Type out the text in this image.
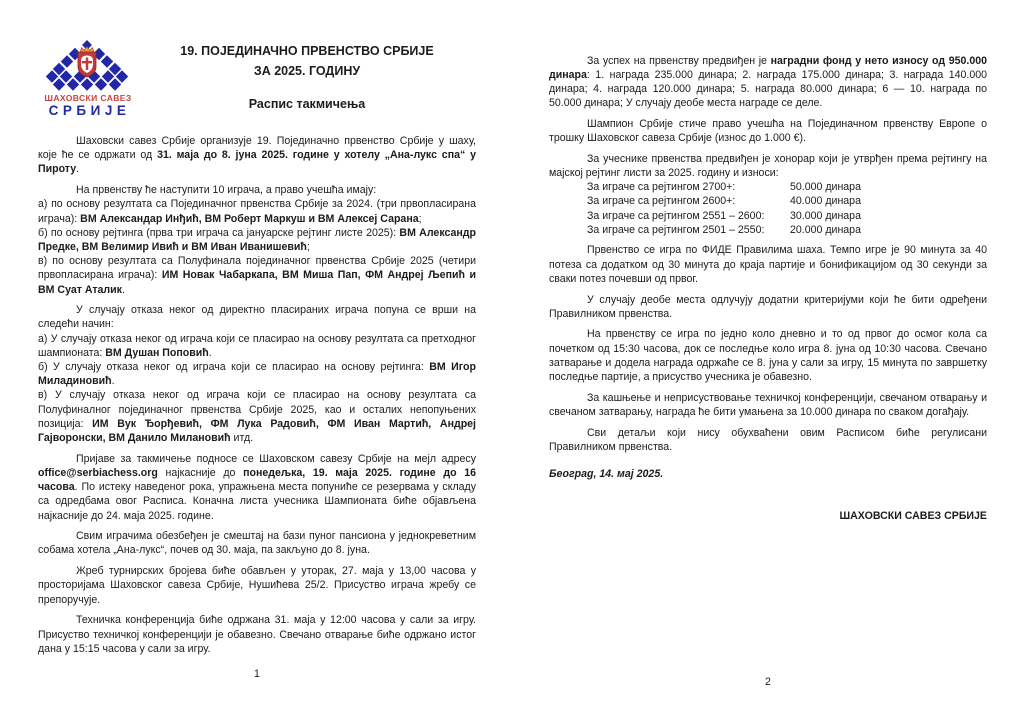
ШАХОВСКИ САВЕЗ
СРБИЈЕ
19. ПОЈЕДИНАЧНО ПРВЕНСТВО СРБИЈЕ
ЗА 2025. ГОДИНУ
Распис такмичења

Шаховски савез Србије организује 19. Појединачно првенство Србије у шаху, које ће се одржати од 31. маја до 8. јуна 2025. године у хотелу „Ана-лукс спа“ у Пироту.

На првенству ће наступити 10 играча, а право учешћа имају:

а) по основу резултата са Појединачног првенства Србије за 2024. (три првопласирана играча): ВМ Александар Инђић, ВМ Роберт Маркуш и ВМ Алексеј Сарана;

б) по основу рејтинга (прва три играча са јануарске рејтинг листе 2025): ВМ Александр Предке, ВМ Велимир Ивић и ВМ Иван Иванишевић;

в) по основу резултата са Полуфинала појединачног првенства Србије 2025 (четири првопласирана играча): ИМ Новак Чабаркапа, ВМ Миша Пап, ФМ Андреј Љепић и ВМ Суат Аталик.

У случају отказа неког од директно пласираних играча попуна се врши на следећи начин:

а) У случају отказа неког од играча који се пласирао на основу резултата са претходног шампионата: ВМ Душан Поповић.

б) У случају отказа неког од играча који се пласирао на основу рејтинга: ВМ Игор Миладиновић.

в) У случају отказа неког од играча који се пласирао на основу резултата са Полуфиналног појединачног првенства Србије 2025, као и осталих непопуњених позиција: ИМ Вук Ђорђевић, ФМ Лука Радовић, ФМ Иван Мартић, Андреј Гајворонски, ВМ Данило Милановић итд.

Пријаве за такмичење подносе се Шаховском савезу Србије на мејл адресу office@serbiachess.org најкасније до понедељка, 19. маја 2025. године до 16 часова. По истеку наведеног рока, упражњена места попуниће се резервама у складу са одредбама овог Расписа. Коначна листа учесника Шампионата биће објављена најкасније до 24. маја 2025. године.

Свим играчима обезбеђен је смештај на бази пуног пансиона у једнокреветним собама хотела „Ана-лукс“, почев од 30. маја, па закљуно до 8. јуна.

Жреб турнирских бројева биће обављен у уторак, 27. маја у 13,00 часова у просторијама Шаховског савеза Србије, Нушићева 25/2. Присуство играча жребу се препоручује.

Техничка конференција биће одржана 31. маја у 12:00 часова у сали за игру. Присуство техничкој конференцији је обавезно. Свечано отварање биће одржано истог дана у 15:15 часова у сали за игру.

1

За успех на првенству предвиђен је наградни фонд у нето износу од 950.000 динара: 1. награда 235.000 динара; 2. награда 175.000 динара; 3. награда 140.000 динара; 4. награда 120.000 динара; 5. награда 80.000 динара; 6 — 10. награда по 50.000 динара; У случају деобе места награде се деле.

Шампион Србије стиче право учешћа на Појединачном првенству Европе о трошку Шаховског савеза Србије (износ до 1.000 €).

За учеснике првенства предвиђен је хонорар који је утврђен према рејтингу на мајској рејтинг листи за 2025. годину и износи:

За играче са рејтингом 2700+:	50.000 динара
За играче са рејтингом 2600+:	40.000 динара
За играче са рејтингом 2551 – 2600: 30.000 динара
За играче са рејтингом 2501 – 2550: 20.000 динара

Првенство се игра по ФИДЕ Правилима шаха. Темпо игре је 90 минута за 40 потеза са додатком од 30 минута до краја партије и бонификацијом од 30 секунди за сваки потез почевши од првог.

У случају деобе места одлучују додатни критеријуми који ће бити одређени Правилником првенства.

На првенству се игра по једно коло дневно и то од првог до осмог кола са почетком од 15:30 часова, док се последње коло игра 8. јуна од 10:30 часова. Свечано затварање и додела награда одржаће се 8. јуна у сали за игру, 15 минута по завршетку последње партије, а присуство учесника је обавезно.

За кашњење и неприсуствовање техничкој конференцији, свечаном отварању и свечаном затварању, награда ће бити умањена за 10.000 динара по сваком догађају.

Сви детаљи који нису обухваћени овим Расписом биће регулисани Правилником првенства.

Београд, 14. мај 2025.

ШАХОВСКИ САВЕЗ СРБИЈЕ

2
